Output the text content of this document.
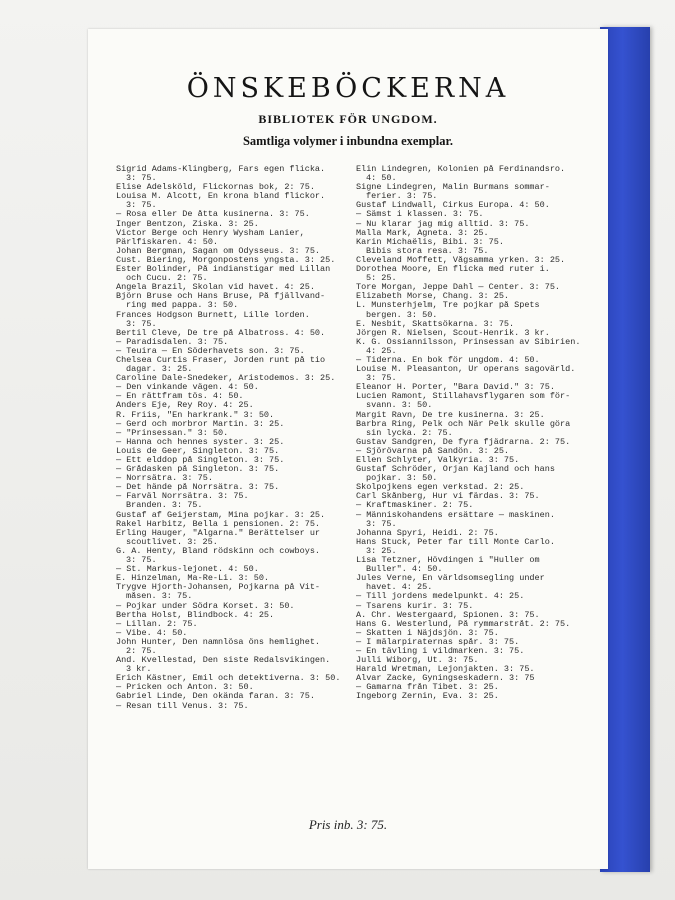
ÖNSKEBÖCKERNA
BIBLIOTEK FÖR UNGDOM.
Samtliga volymer i inbundna exemplar.
Sigrid Adams-Klingberg, Fars egen flicka.
3: 75.
Elise Adelsköld, Flickornas bok, 2: 75.
Louisa M. Alcott, En krona bland flickor.
3: 75.
— Rosa eller De åtta kusinerna. 3: 75.
Inger Bentzon, Ziska. 3: 25.
Victor Berge och Henry Wysham Lanier,
Pärlfiskaren. 4: 50.
Johan Bergman, Sagan om Odysseus. 3: 75.
Cust. Biering, Morgonpostens yngsta. 3: 25.
Ester Bolinder, På indianstigar med Lillan
och Cucu. 2: 75.
Angela Brazil, Skolan vid havet. 4: 25.
Björn Bruse och Hans Bruse, På fjällvand-
ring med pappa. 3: 50.
Frances Hodgson Burnett, Lille lorden.
3: 75.
Bertil Cleve, De tre på Albatross. 4: 50.
— Paradisdalen. 3: 75.
— Teuira — En Söderhavets son. 3: 75.
Chelsea Curtis Fraser, Jorden runt på tio
dagar. 3: 25.
Caroline Dale-Snedeker, Aristodemos. 3: 25.
— Den vinkande vägen. 4: 50.
— En rättfram tös. 4: 50.
Anders Eje, Rey Roy. 4: 25.
R. Friis, "En harkrank." 3: 50.
— Gerd och morbror Martin. 3: 25.
— "Prinsessan." 3: 50.
— Hanna och hennes syster. 3: 25.
Louis de Geer, Singleton. 3: 75.
— Ett elddop på Singleton. 3: 75.
— Grådasken på Singleton. 3: 75.
— Norrsätra. 3: 75.
— Det hände på Norrsätra. 3: 75.
— Farväl Norrsätra. 3: 75.
Branden. 3: 75.
Gustaf af Geijerstam, Mina pojkar. 3: 25.
Rakel Harbitz, Bella i pensionen. 2: 75.
Erling Hauger, "Algarna." Berättelser ur
scoutlivet. 3: 25.
G. A. Henty, Bland rödskinn och cowboys.
3: 75.
— St. Markus-lejonet. 4: 50.
E. Hinzelman, Ma-Re-Li. 3: 50.
Trygve Hjorth-Johansen, Pojkarna på Vit-
måsen. 3: 75.
— Pojkar under Södra Korset. 3: 50.
Bertha Holst, Blindbock. 4: 25.
— Lillan. 2: 75.
— Vibe. 4: 50.
John Hunter, Den namnlösa öns hemlighet.
2: 75.
And. Kvellestad, Den siste Redalsvikingen.
3 kr.
Erich Kästner, Emil och detektiverna. 3: 50.
— Pricken och Anton. 3: 50.
Gabriel Linde, Den okända faran. 3: 75.
— Resan till Venus. 3: 75.
Elin Lindegren, Kolonien på Ferdinandsro.
4: 50.
Signe Lindegren, Malin Burmans sommar-
ferier. 3: 75.
Gustaf Lindwall, Cirkus Europa. 4: 50.
— Sämst i klassen. 3: 75.
— Nu klarar jag mig alltid. 3: 75.
Malla Mark, Agneta. 3: 25.
Karin Michaëlis, Bibi. 3: 75.
Bibis stora resa. 3: 75.
Cleveland Moffett, Vågsamma yrken. 3: 25.
Dorothea Moore, En flicka med ruter i.
5: 25.
Tore Morgan, Jeppe Dahl — Center. 3: 75.
Elizabeth Morse, Chang. 3: 25.
L. Munsterhjelm, Tre pojkar på Spets
bergen. 3: 50.
E. Nesbit, Skattsökarna. 3: 75.
Jörgen R. Nielsen, Scout-Henrik. 3 kr.
K. G. Ossiannilsson, Prinsessan av Sibirien.
4: 25.
— Tiderna. En bok för ungdom. 4: 50.
Louise M. Pleasanton, Ur operans sagovärld.
3: 75.
Eleanor H. Porter, "Bara David." 3: 75.
Lucien Ramont, Stillahavsflygaren som för-
svann. 3: 50.
Margit Ravn, De tre kusinerna. 3: 25.
Barbra Ring, Pelk och När Pelk skulle göra
sin lycka. 2: 75.
Gustav Sandgren, De fyra fjädrarna. 2: 75.
— Sjörövarna på Sandön. 3: 25.
Ellen Schlyter, Valkyria. 3: 75.
Gustaf Schröder, Örjan Kajland och hans
pojkar. 3: 50.
Skolpojkens egen verkstad. 2: 25.
Carl Skånberg, Hur vi färdas. 3: 75.
— Kraftmaskiner. 2: 75.
— Människohandens ersättare — maskinen.
3: 75.
Johanna Spyri, Heidi. 2: 75.
Hans Stuck, Peter far till Monte Carlo.
3: 25.
Lisa Tetzner, Hövdingen i "Huller om
Buller". 4: 50.
Jules Verne, En världsomsegling under
havet. 4: 25.
— Till jordens medelpunkt. 4: 25.
— Tsarens kurir. 3: 75.
A. Chr. Westergaard, Spionen. 3: 75.
Hans G. Westerlund, På rymmarstråt. 2: 75.
— Skatten i Näjdsjön. 3: 75.
— I mälarpiraternas spår. 3: 75.
— En tävling i vildmarken. 3: 75.
Julli Wiborg, Ut. 3: 75.
Harald Wretman, Lejonjakten. 3: 75.
Alvar Zacke, Gyningseskadern. 3: 75
— Gamarna från Tibet. 3: 25.
Ingeborg Zernin, Eva. 3: 25.
Pris inb. 3: 75.
